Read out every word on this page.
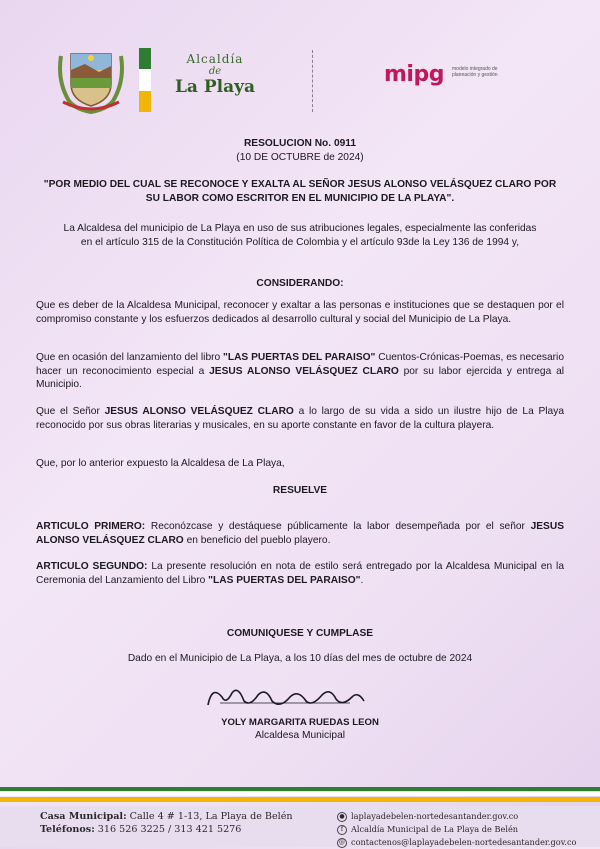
Alcaldía
de
La Playa	mipg modelo integrado de planeación y gestión
RESOLUCION No. 0911
(10 DE OCTUBRE de 2024)
"POR MEDIO DEL CUAL SE RECONOCE Y EXALTA AL SEÑOR JESUS ALONSO VELÁSQUEZ CLARO POR SU LABOR COMO ESCRITOR EN EL MUNICIPIO DE LA PLAYA".
La Alcaldesa del municipio de La Playa en uso de sus atribuciones legales, especialmente las conferidas en el artículo 315 de la Constitución Política de Colombia y el artículo 93de la Ley 136 de 1994 y,
CONSIDERANDO:
Que es deber de la Alcaldesa Municipal, reconocer y exaltar a las personas e instituciones que se destaquen por el compromiso constante y los esfuerzos dedicados al desarrollo cultural y social del Municipio de La Playa.
Que en ocasión del lanzamiento del libro "LAS PUERTAS DEL PARAISO" Cuentos-Crónicas-Poemas, es necesario hacer un reconocimiento especial a JESUS ALONSO VELÁSQUEZ CLARO por su labor ejercida y entrega al Municipio.
Que el Señor JESUS ALONSO VELÁSQUEZ CLARO a lo largo de su vida a sido un ilustre hijo de La Playa reconocido por sus obras literarias y musicales, en su aporte constante en favor de la cultura playera.
Que, por lo anterior expuesto la Alcaldesa de La Playa,
RESUELVE
ARTICULO PRIMERO: Reconózcase y destáquese públicamente la labor desempeñada por el señor JESUS ALONSO VELÁSQUEZ CLARO en beneficio del pueblo playero.
ARTICULO SEGUNDO: La presente resolución en nota de estilo será entregado por la Alcaldesa Municipal en la Ceremonia del Lanzamiento del Libro "LAS PUERTAS DEL PARAISO".
COMUNIQUESE Y CUMPLASE
Dado en el Municipio de La Playa, a los 10 días del mes de octubre de 2024
YOLY MARGARITA RUEDAS LEON
Alcaldesa Municipal
Casa Municipal: Calle 4 # 1-13, La Playa de Belén
Teléfonos: 316 526 3225 / 313 421 5276
● laplayadebelen-nortedesantander.gov.co
f Alcaldía Municipal de La Playa de Belén
@ contactenos@laplayadebelen-nortedesantander.gov.co
